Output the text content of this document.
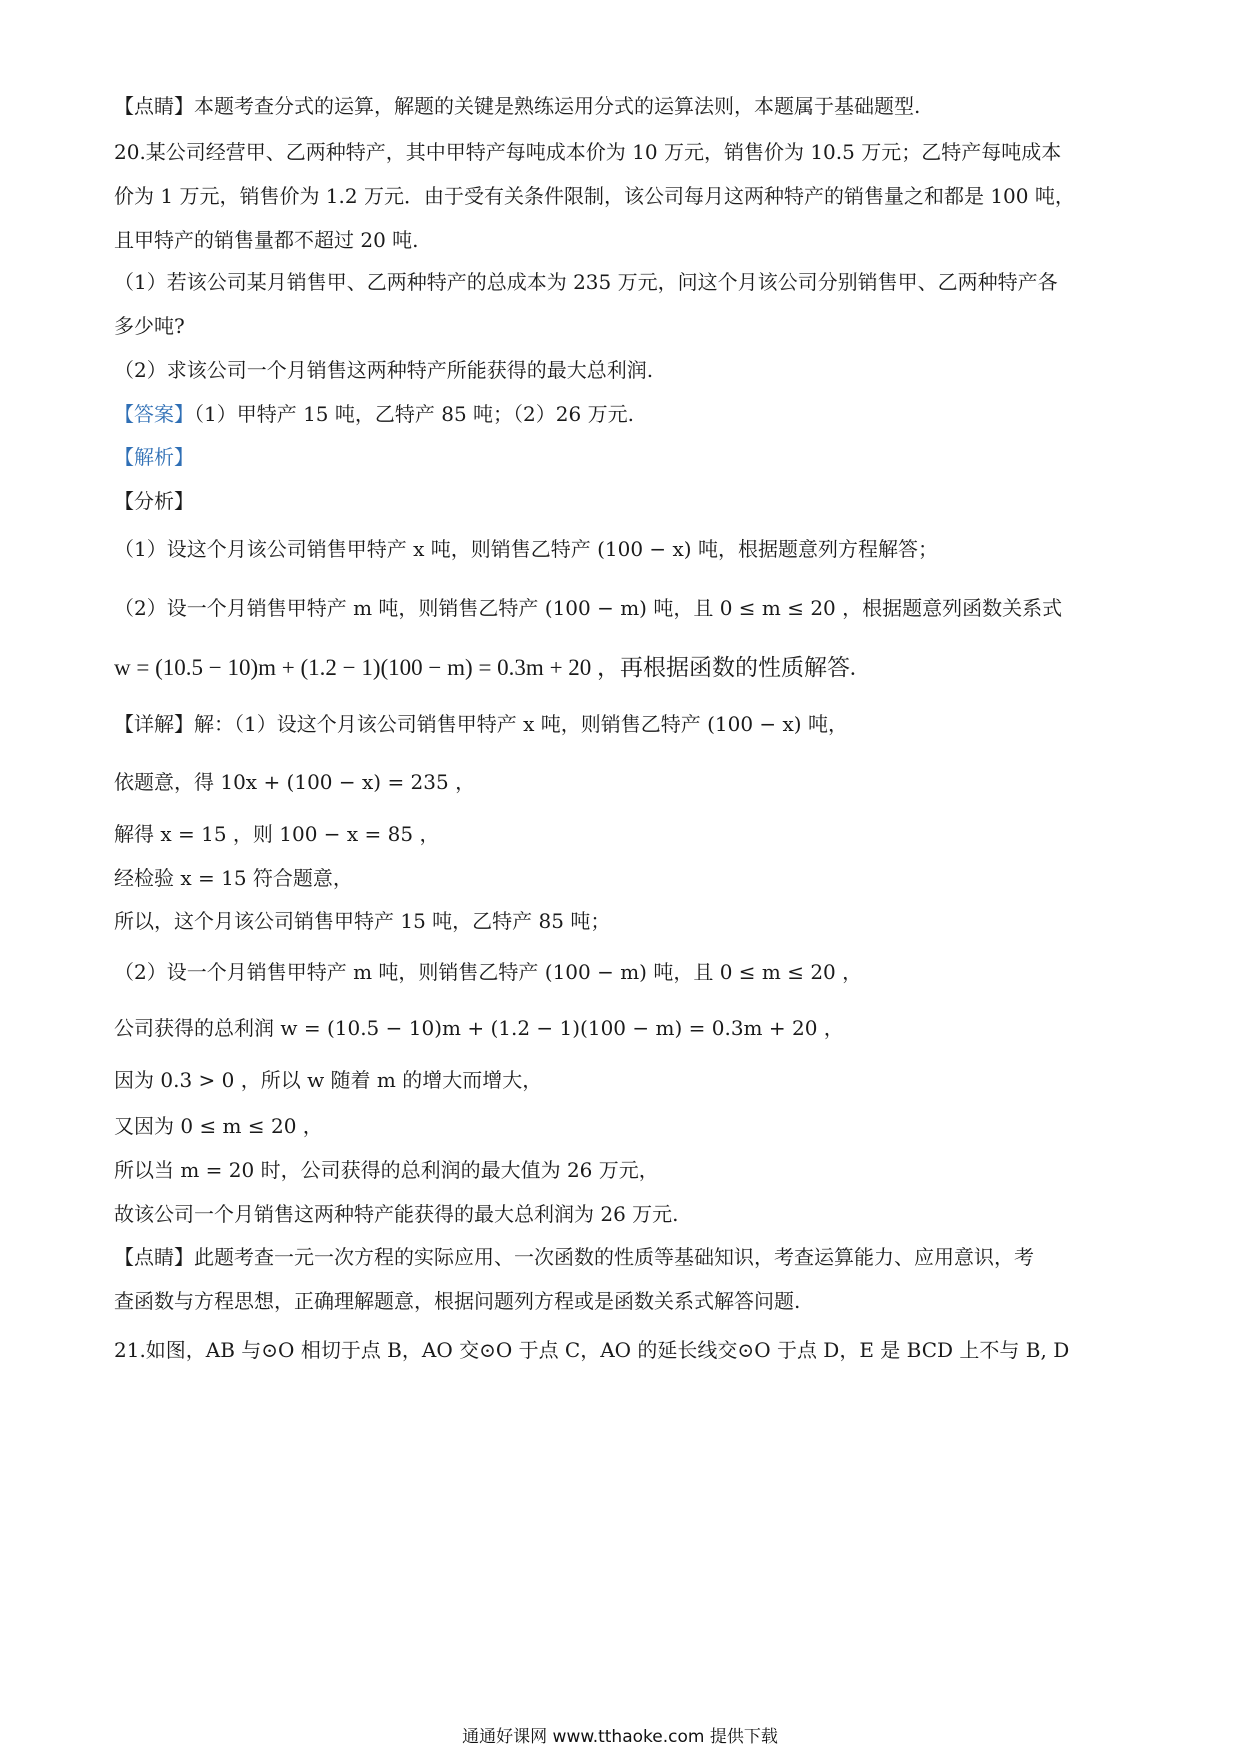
【点睛】本题考查分式的运算，解题的关键是熟练运用分式的运算法则，本题属于基础题型.
20.某公司经营甲、乙两种特产，其中甲特产每吨成本价为 10 万元，销售价为 10.5 万元；乙特产每吨成本
价为 1 万元，销售价为 1.2 万元．由于受有关条件限制，该公司每月这两种特产的销售量之和都是 100 吨，
且甲特产的销售量都不超过 20 吨.
（1）若该公司某月销售甲、乙两种特产的总成本为 235 万元，问这个月该公司分别销售甲、乙两种特产各
多少吨?
（2）求该公司一个月销售这两种特产所能获得的最大总利润.
【答案】（1）甲特产 15 吨，乙特产 85 吨；（2）26 万元.
【解析】
【分析】
（1）设这个月该公司销售甲特产 x 吨，则销售乙特产 (100 − x) 吨，根据题意列方程解答；
（2）设一个月销售甲特产 m 吨，则销售乙特产 (100 − m) 吨，且 0 ≤ m ≤ 20 ，根据题意列函数关系式
w = (10.5 − 10)m + (1.2 − 1)(100 − m) = 0.3m + 20 ，再根据函数的性质解答.
【详解】解：（1）设这个月该公司销售甲特产 x 吨，则销售乙特产 (100 − x) 吨，
依题意，得 10x + (100 − x) = 235 ，
解得 x = 15 ，则 100 − x = 85 ，
经检验 x = 15 符合题意，
所以，这个月该公司销售甲特产 15 吨，乙特产 85 吨；
（2）设一个月销售甲特产 m 吨，则销售乙特产 (100 − m) 吨，且 0 ≤ m ≤ 20 ，
公司获得的总利润 w = (10.5 − 10)m + (1.2 − 1)(100 − m) = 0.3m + 20 ，
因为 0.3 > 0 ，所以 w 随着 m 的增大而增大，
又因为 0 ≤ m ≤ 20 ，
所以当 m = 20 时，公司获得的总利润的最大值为 26 万元，
故该公司一个月销售这两种特产能获得的最大总利润为 26 万元.
【点睛】此题考查一元一次方程的实际应用、一次函数的性质等基础知识，考查运算能力、应用意识，考
查函数与方程思想，正确理解题意，根据问题列方程或是函数关系式解答问题.
21.如图，AB 与⊙O 相切于点 B，AO 交⊙O 于点 C，AO 的延长线交⊙O 于点 D，E 是 BCD 上不与 B, D
通通好课网 www.tthaoke.com 提供下载
